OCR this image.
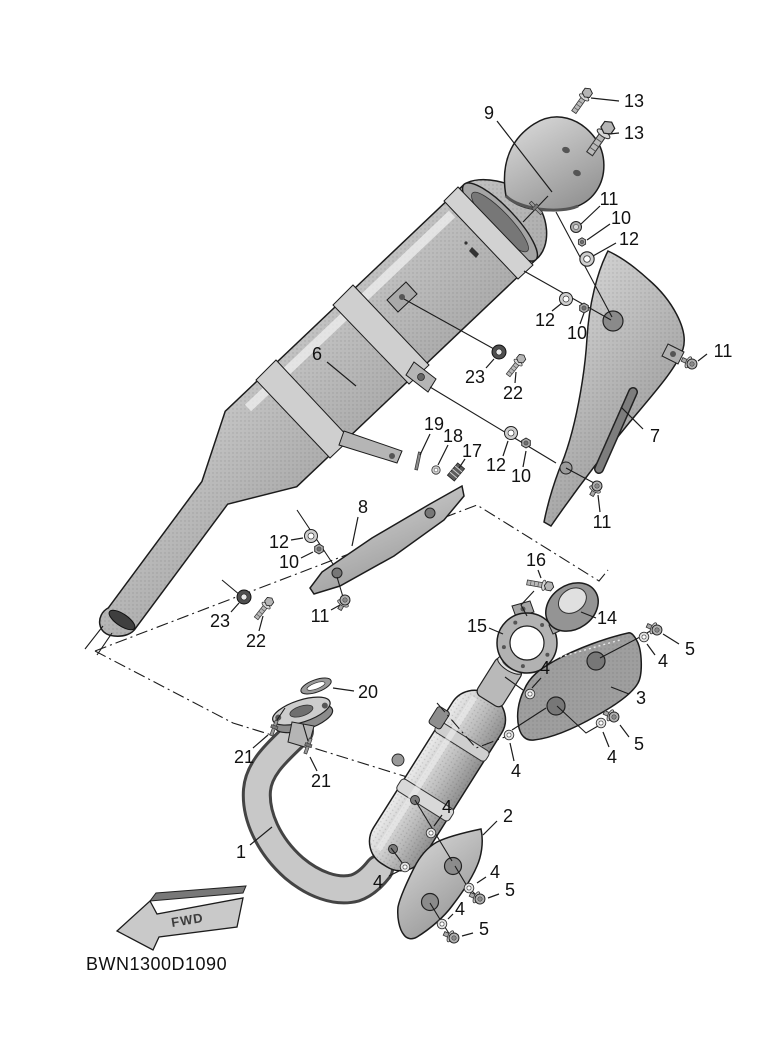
13
13
9
11
10
12
12
10
11
7
6
23
22
19
18
17
12
10
11
8
12
10
11
23
22
16
15	14
3
4
5
4
4
4
5
2
4
4	4
5
4
5
20
21
21
1
FWD
BWN1300D1090
